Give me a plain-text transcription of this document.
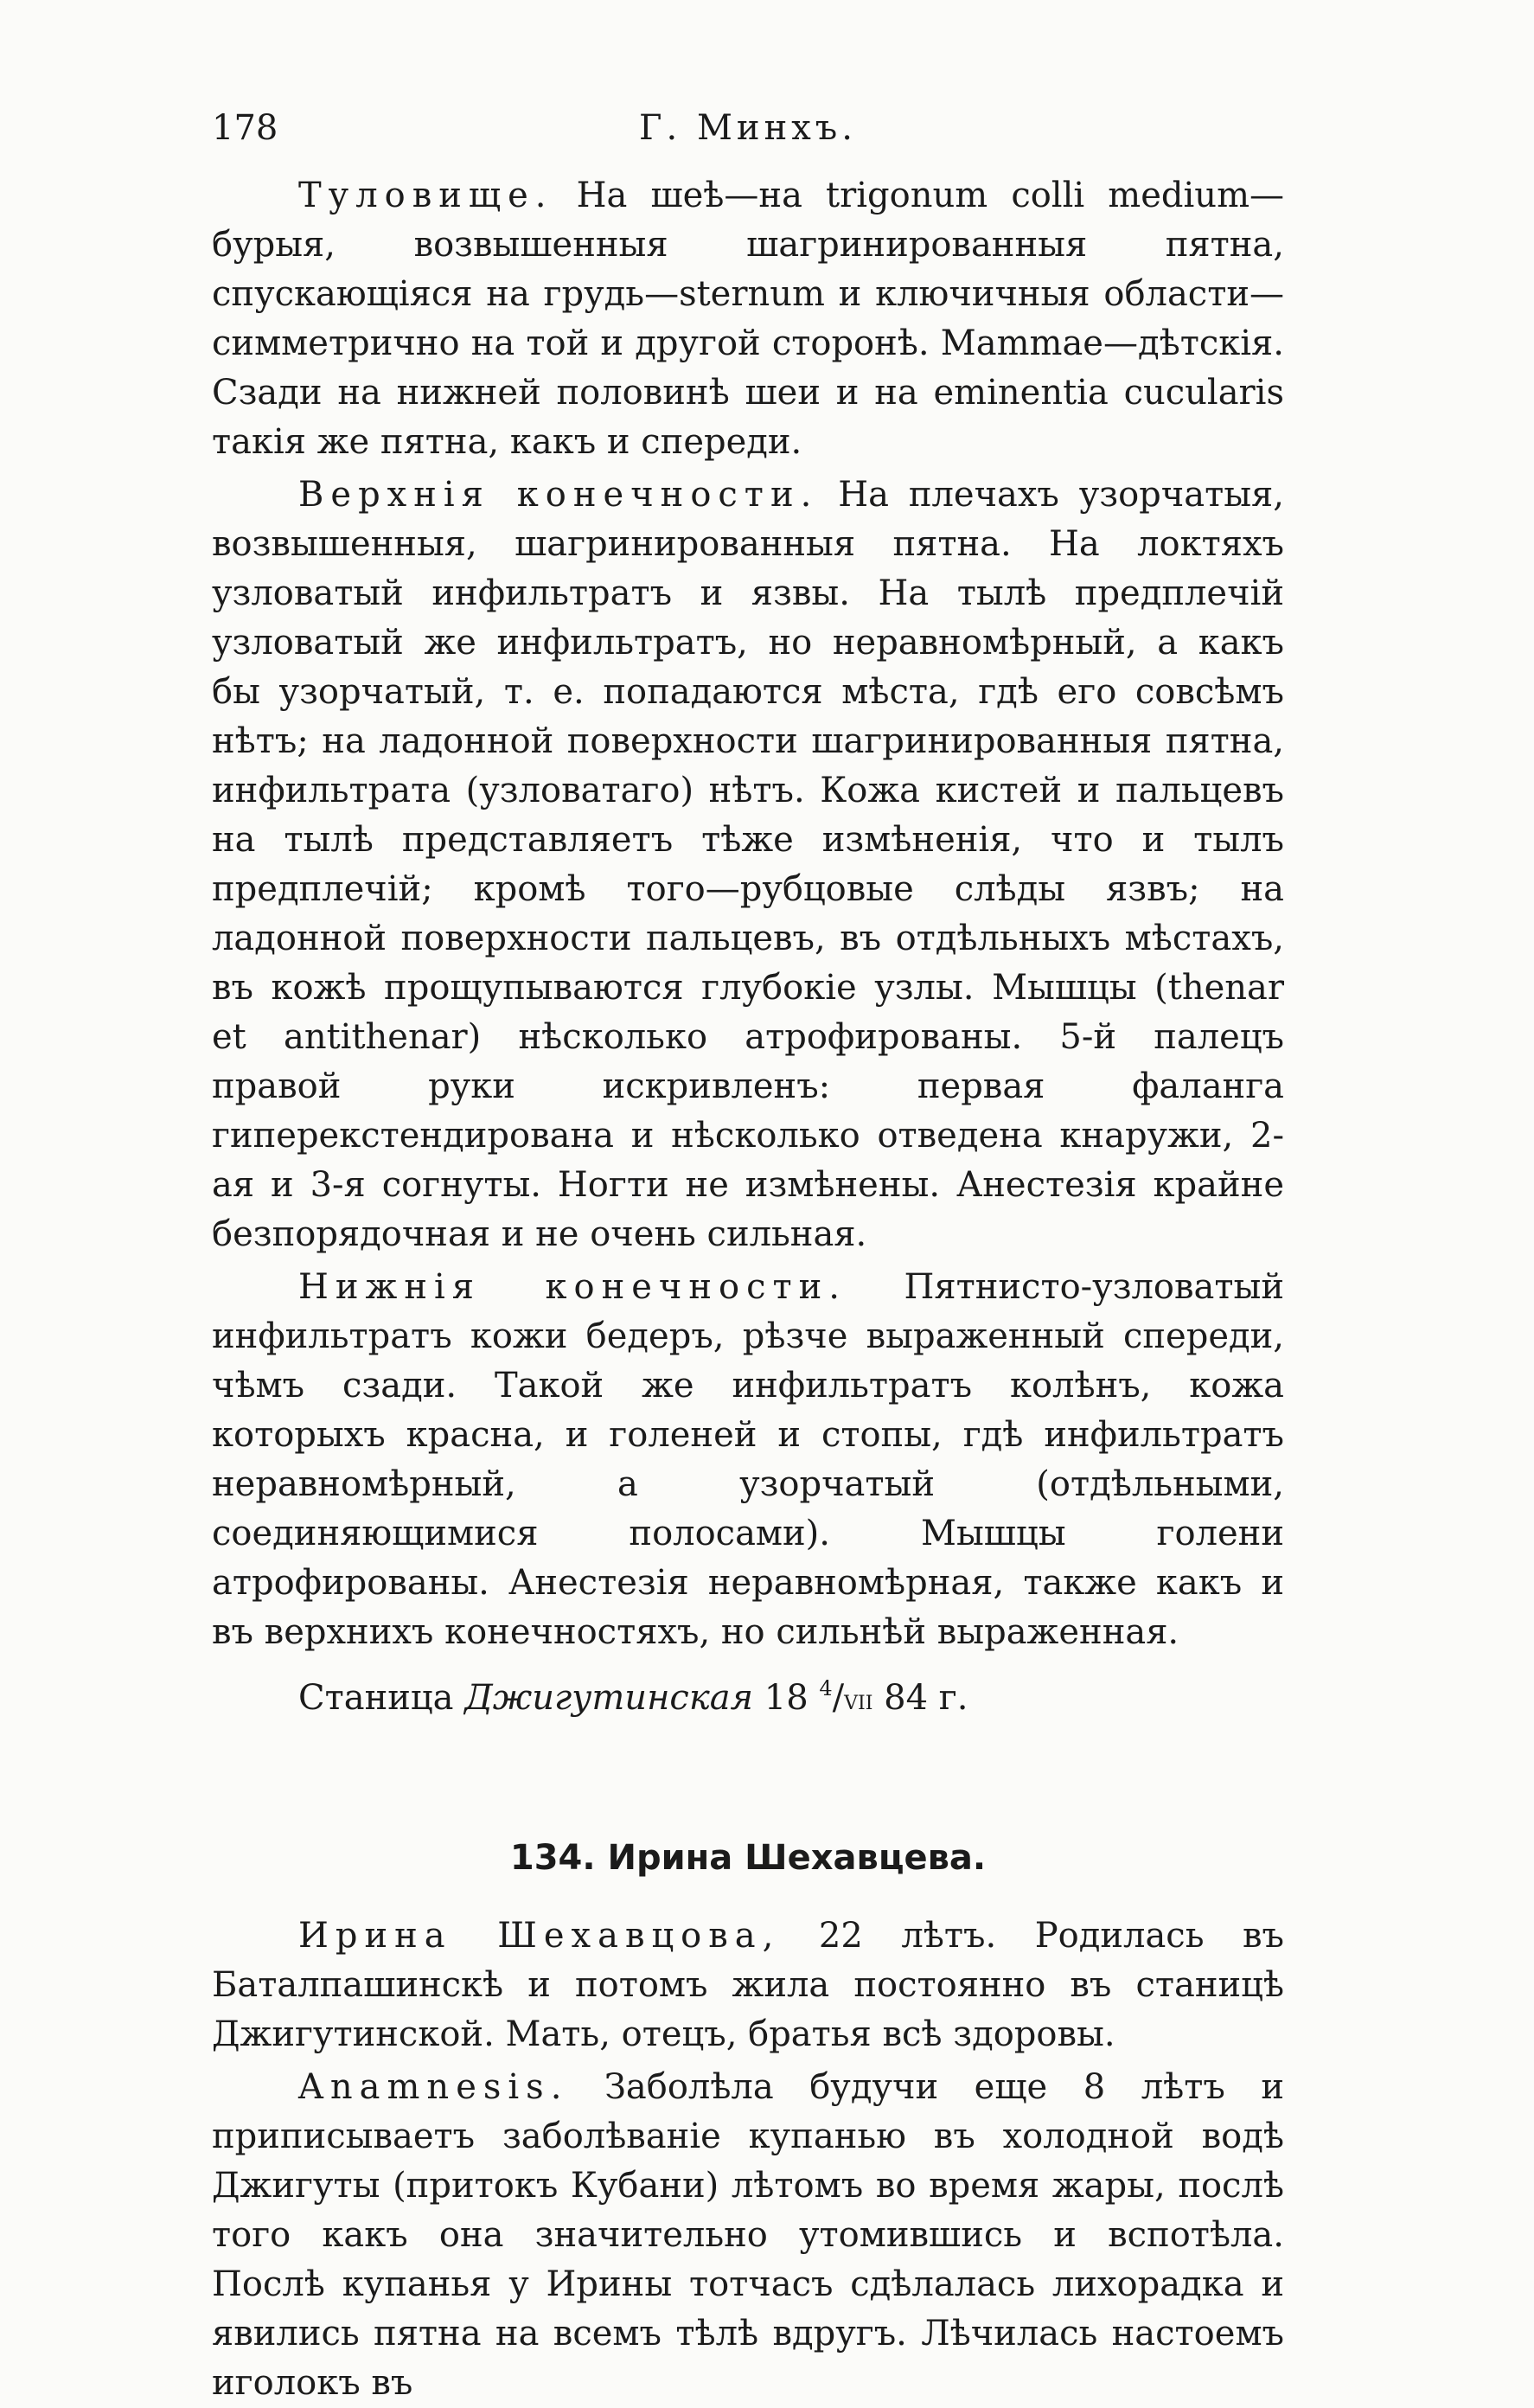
178	Г. Минхъ.

Туловище. На шеѣ—на trigonum colli medium—бурыя, возвышенныя шагринированныя пятна, спускающіяся на грудь—sternum и ключичныя области—симметрично на той и другой сторонѣ. Mammae—дѣтскія. Сзади на нижней половинѣ шеи и на eminentia cucularis такія же пятна, какъ и спереди.

Верхнія конечности. На плечахъ узорчатыя, возвышенныя, шагринированныя пятна. На локтяхъ узловатый инфильтратъ и язвы. На тылѣ предплечій узловатый же инфильтратъ, но неравномѣрный, а какъ бы узорчатый, т. е. попадаются мѣста, гдѣ его совсѣмъ нѣтъ; на ладонной поверхности шагринированныя пятна, инфильтрата (узловатаго) нѣтъ. Кожа кистей и пальцевъ на тылѣ представляетъ тѣже измѣненія, что и тылъ предплечій; кромѣ того—рубцовые слѣды язвъ; на ладонной поверхности пальцевъ, въ отдѣльныхъ мѣстахъ, въ кожѣ прощупываются глубокіе узлы. Мышцы (thenar et antithenar) нѣсколько атрофированы. 5-й палецъ правой руки искривленъ: первая фаланга гиперекстендирована и нѣсколько отведена кнаружи, 2-ая и 3-я согнуты. Ногти не измѣнены. Анестезія крайне безпорядочная и не очень сильная.

Нижнія конечности. Пятнисто-узловатый инфильтратъ кожи бедеръ, рѣзче выраженный спереди, чѣмъ сзади. Такой же инфильтратъ колѣнъ, кожа которыхъ красна, и голеней и стопы, гдѣ инфильтратъ неравномѣрный, а узорчатый (отдѣльными, соединяющимися полосами). Мышцы голени атрофированы. Анестезія неравномѣрная, также какъ и въ верхнихъ конечностяхъ, но сильнѣй выраженная.

Станица Джигутинская 18 $^4$/VII 84 г.

134. Ирина Шехавцева.

Ирина Шехавцова, 22 лѣтъ. Родилась въ Баталпашинскѣ и потомъ жила постоянно въ станицѣ Джигутинской. Мать, отецъ, братья всѣ здоровы.

Anamnesis. Заболѣла будучи еще 8 лѣтъ и приписываетъ заболѣваніе купанью въ холодной водѣ Джигуты (притокъ Кубани) лѣтомъ во время жары, послѣ того какъ она значительно утомившись и вспотѣла. Послѣ купанья у Ирины тотчасъ сдѣлалась лихорадка и явились пятна на всемъ тѣлѣ вдругъ. Лѣчилась настоемъ иголокъ въ
